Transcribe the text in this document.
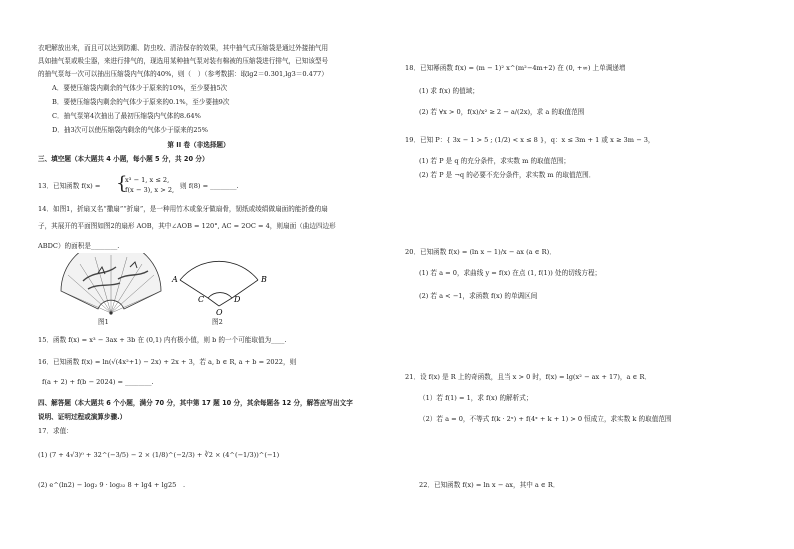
衣吧解放出来，而且可以达到防潮、防虫咬、清洁保存的效果，其中抽气式压缩袋是通过外接抽气用
具如抽气泵或吸尘器，来进行排气的，现选用某种抽气泵对装有棉被的压缩袋进行排气，已知该型号
的抽气泵每一次可以抽出压缩袋内气体的40%，则（　）（参考数据：取lg2＝0.301,lg3＝0.477）
A．要使压缩袋内剩余的气体少于原来的10%，至少要抽5次
B．要使压缩袋内剩余的气体少于原来的0.1%，至少要抽9次
C．抽气泵第4次抽出了最初压缩袋内气体的8.64%
D．抽3次可以使压缩袋内剩余的气体少于原来的25%
第 II 卷（非选择题）
三、填空题（本大题共 4 小题，每小题 5 分，共 20 分）
13．已知函数 f(x) = {
x³ − 1, x ≤ 2,
f(x − 3), x > 2, 则 f(8) = ________.
14．如图1，折扇又名“撒扇”“折扇”，是一种用竹木或象牙做扇骨，韧纸或绫绢做扇面的能折叠的扇
子，其展开的平面图如图2的扇形 AOB，其中∠AOB = 120°, AC = 2OC = 4，则扇面（曲边四边形
ABDC）的面积是________.
图1
A	B
C	D
O
图2
15．函数 f(x) = x³ − 3ax + 3b 在 (0,1) 内有极小值，则 b 的一个可能取值为____.
16．已知函数 f(x) = ln(√(4x²+1) − 2x) + 2x + 3，若 a, b ∈ R, a + b = 2022，则
f(a + 2) + f(b − 2024) = ________.
四、解答题（本大题共 6 个小题，满分 70 分，其中第 17 题 10 分，其余每题各 12 分，解答应写出文字
说明、证明过程或演算步骤.）
17．求值：
(1) (7 + 4√3)⁰ + 32^(−3/5) − 2 × (1/8)^(−2/3) + ∛2 × (4^(−1/3))^(−1)
(2) e^(ln2) − log₂ 9 · log₃₂ 8 + lg4 + lg25　.
18．已知幂函数 f(x) = (m − 1)² x^(m²−4m+2) 在 (0, +∞) 上单调递增
(1) 求 f(x) 的值域；
(2) 若 ∀x > 0，f(x)/x² ≥ 2 − a/(2x)，求 a 的取值范围
19．已知 P：{ 3x − 1 > 5 ; (1/2) < x ≤ 8 }，q：x ≤ 3m + 1 或 x ≥ 3m − 3，
(1) 若 P 是 q 的充分条件，求实数 m 的取值范围；
(2) 若 P 是 ¬q 的必要不充分条件，求实数 m 的取值范围．
20．已知函数 f(x) = (ln x − 1)/x − ax (a ∈ R)．
(1) 若 a = 0，求曲线 y = f(x) 在点 (1, f(1)) 处的切线方程；
(2) 若 a < −1，求函数 f(x) 的单调区间
21．设 f(x) 是 R 上的奇函数，且当 x > 0 时，f(x) = lg(x² − ax + 17)，a ∈ R．
（1）若 f(1) = 1，求 f(x) 的解析式；
（2）若 a = 0，不等式 f(k · 2ˣ) + f(4ˣ + k + 1) > 0 恒成立，求实数 k 的取值范围
22．已知函数 f(x) = ln x − ax，其中 a ∈ R．
